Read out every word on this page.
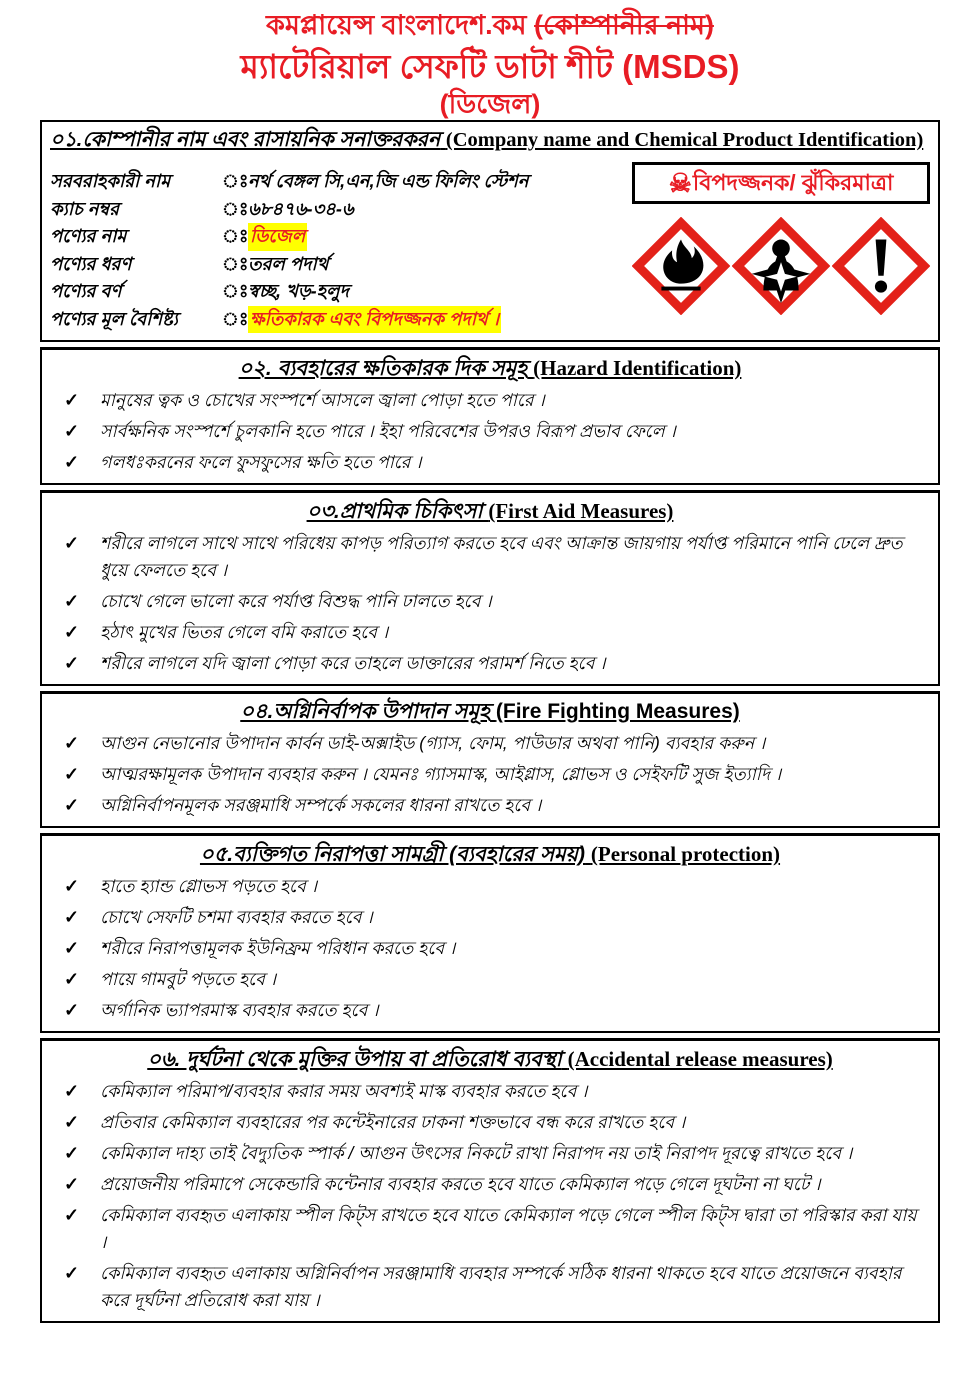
কমপ্লায়েন্স বাংলাদেশ.কম (কোম্পানীর নাম)
ম্যাটেরিয়াল সেফটি ডাটা শীট (MSDS)
(ডিজেল)
০১.কোম্পানীর নাম এবং রাসায়নিক সনাক্তরকরন (Company name and Chemical Product Identification)
সরবরাহকারী নাম	ঃ নর্থ বেঙ্গল সি,এন,জি এন্ড ফিলিং স্টেশন
ক্যাচ নম্বর	ঃ ৬৮৪৭৬-৩৪-৬
পণ্যের নাম	ঃ ডিজেল
পণ্যের ধরণ	ঃ তরল পদার্থ
পণ্যের বর্ণ	ঃ স্বচ্ছ, খড়-হলুদ
পণ্যের মূল বৈশিষ্ট্য	ঃ ক্ষতিকারক এবং বিপদজ্জনক পদার্থ ।
☠বিপদজ্জনক/ ঝুঁকিরমাত্রা
০২. ব্যবহারের ক্ষতিকারক দিক সমূহ (Hazard Identification)
✓	মানুষের ত্বক ও চোখের সংস্পর্শে আসলে জ্বালা পোড়া হতে পারে ।
✓	সার্বক্ষনিক সংস্পর্শে চুলকানি হতে পারে । ইহা পরিবেশের উপরও বিরূপ প্রভাব ফেলে ।
✓	গলধঃকরনের ফলে ফুসফুসের ক্ষতি হতে পারে ।
০৩.প্রাথমিক চিকিৎসা (First Aid Measures)
✓	শরীরে লাগলে সাথে সাথে পরিধেয় কাপড় পরিত্যাগ করতে হবে এবং আক্রান্ত জায়গায় পর্যাপ্ত পরিমানে পানি ঢেলে দ্রুত ধুয়ে ফেলতে হবে ।
✓	চোখে গেলে ভালো করে পর্যাপ্ত বিশুদ্ধ পানি ঢালতে হবে ।
✓	হঠাৎ মুখের ভিতর গেলে বমি করাতে হবে ।
✓	শরীরে লাগলে যদি জ্বালা পোড়া করে তাহলে ডাক্তারের পরামর্শ নিতে হবে ।
০৪.অগ্নিনির্বাপক উপাদান সমূহ (Fire Fighting Measures)
✓	আগুন নেভানোর উপাদান কার্বন ডাই-অক্সাইড (গ্যাস, ফোম, পাউডার অথবা পানি) ব্যবহার করুন ।
✓	আত্মরক্ষামূলক উপাদান ব্যবহার করুন । যেমনঃ গ্যাসমাস্ক, আইগ্লাস, গ্লোভস ও সেইফটি সুজ ইত্যাদি ।
✓	অগ্নিনির্বাপনমূলক সরঞ্জমাধি সম্পর্কে সকলের ধারনা রাখতে হবে ।
০৫.ব্যক্তিগত নিরাপত্তা সামগ্রী (ব্যবহারের সময়) (Personal protection)
✓	হাতে হ্যান্ড গ্লোভস পড়তে হবে ।
✓	চোখে সেফটি চশমা ব্যবহার করতে হবে ।
✓	শরীরে নিরাপত্তামূলক ইউনিফ্রম পরিধান করতে হবে ।
✓	পায়ে গামবুট পড়তে হবে ।
✓	অর্গানিক ভ্যাপরমাস্ক ব্যবহার করতে হবে ।
০৬. দুর্ঘটনা থেকে মুক্তির উপায় বা প্রতিরোধ ব্যবস্থা (Accidental release measures)
✓	কেমিক্যাল পরিমাপ/ব্যবহার করার সময় অবশ্যই মাস্ক ব্যবহার করতে হবে ।
✓	প্রতিবার কেমিক্যাল ব্যবহারের পর কন্টেইনারের ঢাকনা শক্তভাবে বন্ধ করে রাখতে হবে ।
✓	কেমিক্যাল দাহ্য তাই বৈদ্যুতিক স্পার্ক / আগুন উৎসের নিকটে রাখা নিরাপদ নয় তাই নিরাপদ দূরত্বে রাখতে হবে ।
✓	প্রয়োজনীয় পরিমাপে সেকেন্ডারি কন্টেনার ব্যবহার করতে হবে যাতে কেমিক্যাল পড়ে গেলে দূঘটনা না ঘটে ।
✓	কেমিক্যাল ব্যবহৃত এলাকায় স্পীল কিট্স রাখতে হবে যাতে কেমিক্যাল পড়ে গেলে স্পীল কিট্স দ্বারা তা পরিস্কার করা যায় ।
✓	কেমিক্যাল ব্যবহৃত এলাকায় অগ্নিনির্বাপন সরঞ্জামাধি ব্যবহার সম্পর্কে সঠিক ধারনা থাকতে হবে যাতে প্রয়োজনে ব্যবহার করে দূর্ঘটনা প্রতিরোধ করা যায় ।
